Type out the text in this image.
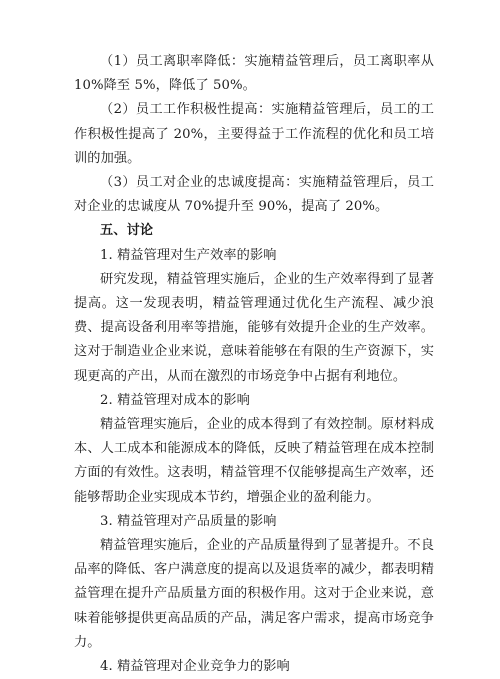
（1）员工离职率降低：实施精益管理后，员工离职率从 10%降至 5%，降低了 50%。

（2）员工工作积极性提高：实施精益管理后，员工的工作积极性提高了 20%，主要得益于工作流程的优化和员工培训的加强。

（3）员工对企业的忠诚度提高：实施精益管理后，员工对企业的忠诚度从 70%提升至 90%，提高了 20%。

五、讨论

1. 精益管理对生产效率的影响

研究发现，精益管理实施后，企业的生产效率得到了显著提高。这一发现表明，精益管理通过优化生产流程、减少浪费、提高设备利用率等措施，能够有效提升企业的生产效率。这对于制造业企业来说，意味着能够在有限的生产资源下，实现更高的产出，从而在激烈的市场竞争中占据有利地位。

2. 精益管理对成本的影响

精益管理实施后，企业的成本得到了有效控制。原材料成本、人工成本和能源成本的降低，反映了精益管理在成本控制方面的有效性。这表明，精益管理不仅能够提高生产效率，还能够帮助企业实现成本节约，增强企业的盈利能力。

3. 精益管理对产品质量的影响

精益管理实施后，企业的产品质量得到了显著提升。不良品率的降低、客户满意度的提高以及退货率的减少，都表明精益管理在提升产品质量方面的积极作用。这对于企业来说，意味着能够提供更高品质的产品，满足客户需求，提高市场竞争力。

4. 精益管理对企业竞争力的影响
